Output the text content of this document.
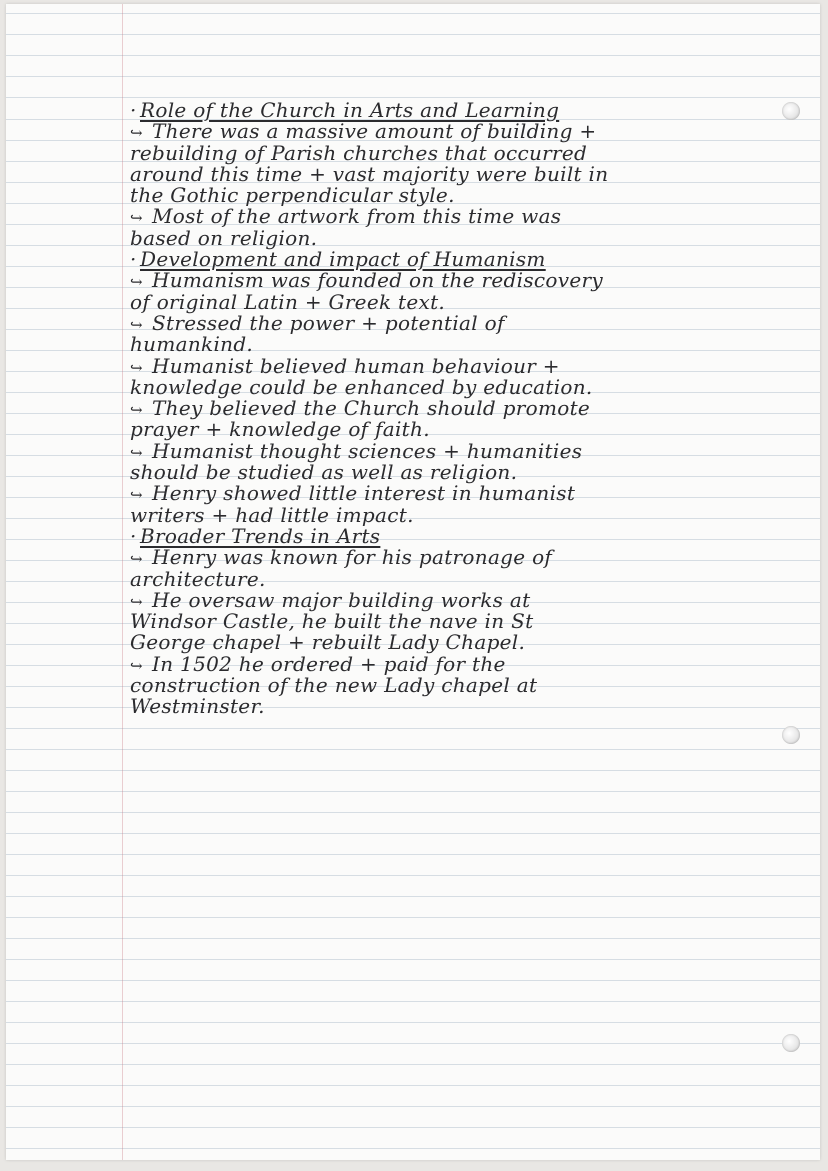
· Role of the Church in Arts and Learning
↪ There was a massive amount of building +
rebuilding of Parish churches that occurred
around this time + vast majority were built in
the Gothic perpendicular style.
↪ Most of the artwork from this time was
based on religion.
· Development and impact of Humanism
↪ Humanism was founded on the rediscovery
of original Latin + Greek text.
↪ Stressed the power + potential of
humankind.
↪ Humanist believed human behaviour +
knowledge could be enhanced by education.
↪ They believed the Church should promote
prayer + knowledge of faith.
↪ Humanist thought sciences + humanities
should be studied as well as religion.
↪ Henry showed little interest in humanist
writers + had little impact.
· Broader Trends in Arts
↪ Henry was known for his patronage of
architecture.
↪ He oversaw major building works at
Windsor Castle, he built the nave in St
George chapel + rebuilt Lady Chapel.
↪ In 1502 he ordered + paid for the
construction of the new Lady chapel at
Westminster.
